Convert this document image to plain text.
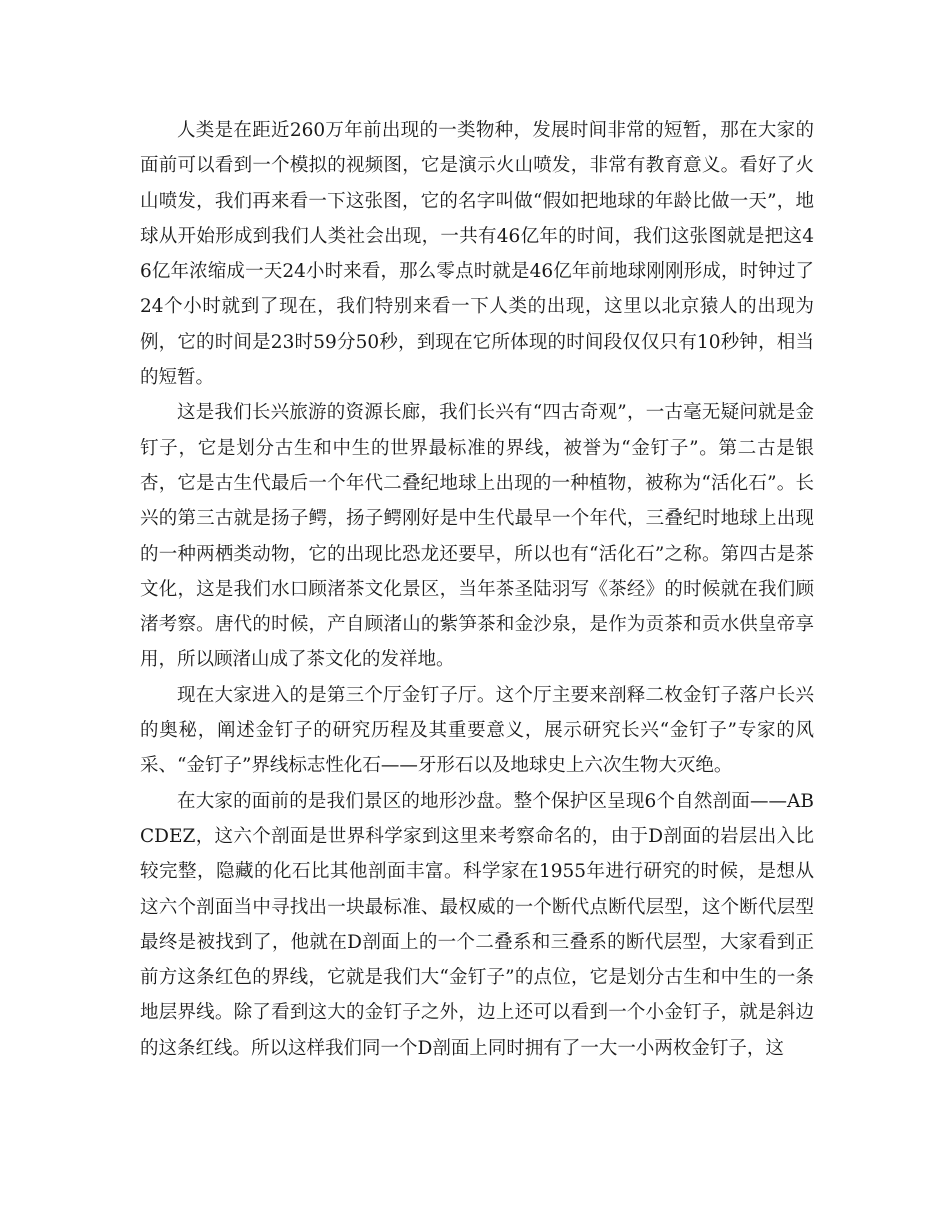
人类是在距近260万年前出现的一类物种，发展时间非常的短暂，那在大家的面前可以看到一个模拟的视频图，它是演示火山喷发，非常有教育意义。看好了火山喷发，我们再来看一下这张图，它的名字叫做“假如把地球的年龄比做一天”，地球从开始形成到我们人类社会出现，一共有46亿年的时间，我们这张图就是把这46亿年浓缩成一天24小时来看，那么零点时就是46亿年前地球刚刚形成，时钟过了24个小时就到了现在，我们特别来看一下人类的出现，这里以北京猿人的出现为例，它的时间是23时59分50秒，到现在它所体现的时间段仅仅只有10秒钟，相当的短暂。

这是我们长兴旅游的资源长廊，我们长兴有“四古奇观”，一古毫无疑问就是金钉子，它是划分古生和中生的世界最标准的界线，被誉为“金钉子”。第二古是银杏，它是古生代最后一个年代二叠纪地球上出现的一种植物，被称为“活化石”。长兴的第三古就是扬子鳄，扬子鳄刚好是中生代最早一个年代，三叠纪时地球上出现的一种两栖类动物，它的出现比恐龙还要早，所以也有“活化石”之称。第四古是茶文化，这是我们水口顾渚茶文化景区，当年茶圣陆羽写《茶经》的时候就在我们顾渚考察。唐代的时候，产自顾渚山的紫笋茶和金沙泉，是作为贡茶和贡水供皇帝享用，所以顾渚山成了茶文化的发祥地。

现在大家进入的是第三个厅金钉子厅。这个厅主要来剖释二枚金钉子落户长兴的奥秘，阐述金钉子的研究历程及其重要意义，展示研究长兴“金钉子”专家的风采、“金钉子”界线标志性化石——牙形石以及地球史上六次生物大灭绝。

在大家的面前的是我们景区的地形沙盘。整个保护区呈现6个自然剖面——ABCDEZ，这六个剖面是世界科学家到这里来考察命名的，由于D剖面的岩层出入比较完整，隐藏的化石比其他剖面丰富。科学家在1955年进行研究的时候，是想从这六个剖面当中寻找出一块最标准、最权威的一个断代点断代层型，这个断代层型最终是被找到了，他就在D剖面上的一个二叠系和三叠系的断代层型，大家看到正前方这条红色的界线，它就是我们大“金钉子”的点位，它是划分古生和中生的一条地层界线。除了看到这大的金钉子之外，边上还可以看到一个小金钉子，就是斜边的这条红线。所以这样我们同一个D剖面上同时拥有了一大一小两枚金钉子，这
